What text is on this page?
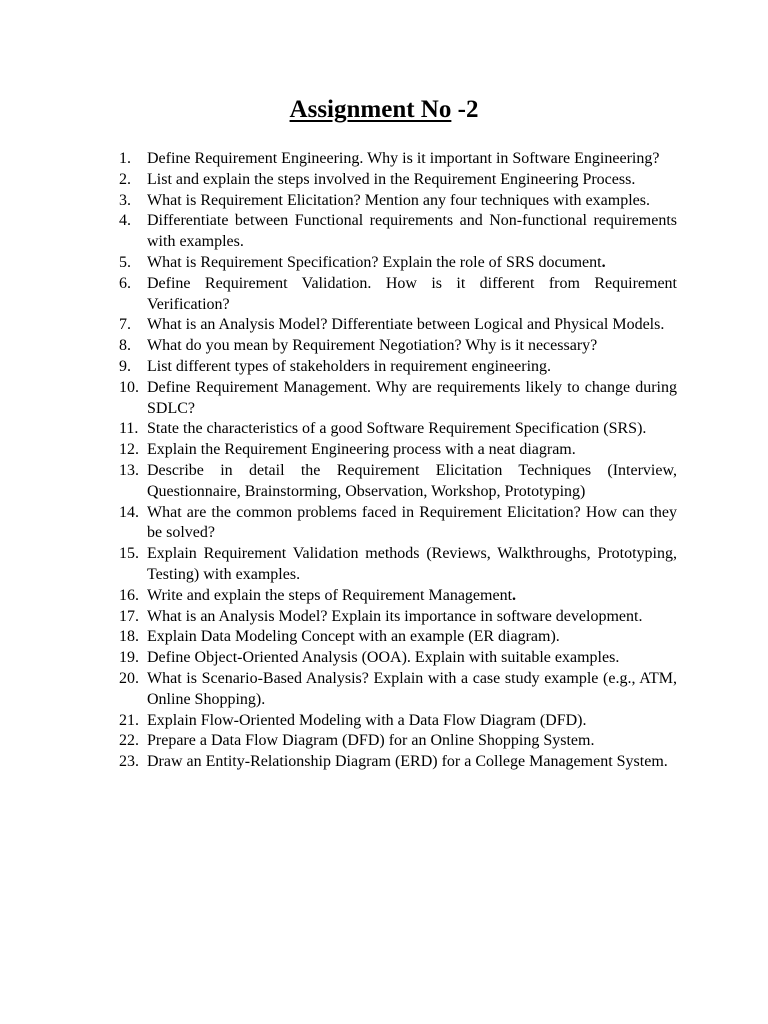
Assignment No -2
1.	Define Requirement Engineering. Why is it important in Software Engineering?
2.	List and explain the steps involved in the Requirement Engineering Process.
3.	What is Requirement Elicitation? Mention any four techniques with examples.
4.	Differentiate between Functional requirements and Non-functional requirements with examples.
5.	What is Requirement Specification? Explain the role of SRS document.
6.	Define Requirement Validation. How is it different from Requirement Verification?
7.	What is an Analysis Model? Differentiate between Logical and Physical Models.
8.	What do you mean by Requirement Negotiation? Why is it necessary?
9.	List different types of stakeholders in requirement engineering.
10. Define Requirement Management. Why are requirements likely to change during SDLC?
11. State the characteristics of a good Software Requirement Specification (SRS).
12. Explain the Requirement Engineering process with a neat diagram.
13. Describe in detail the Requirement Elicitation Techniques (Interview, Questionnaire, Brainstorming, Observation, Workshop, Prototyping)
14. What are the common problems faced in Requirement Elicitation? How can they be solved?
15. Explain Requirement Validation methods (Reviews, Walkthroughs, Prototyping, Testing) with examples.
16. Write and explain the steps of Requirement Management.
17. What is an Analysis Model? Explain its importance in software development.
18. Explain Data Modeling Concept with an example (ER diagram).
19. Define Object-Oriented Analysis (OOA). Explain with suitable examples.
20. What is Scenario-Based Analysis? Explain with a case study example (e.g., ATM, Online Shopping).
21. Explain Flow-Oriented Modeling with a Data Flow Diagram (DFD).
22. Prepare a Data Flow Diagram (DFD) for an Online Shopping System.
23. Draw an Entity-Relationship Diagram (ERD) for a College Management System.
